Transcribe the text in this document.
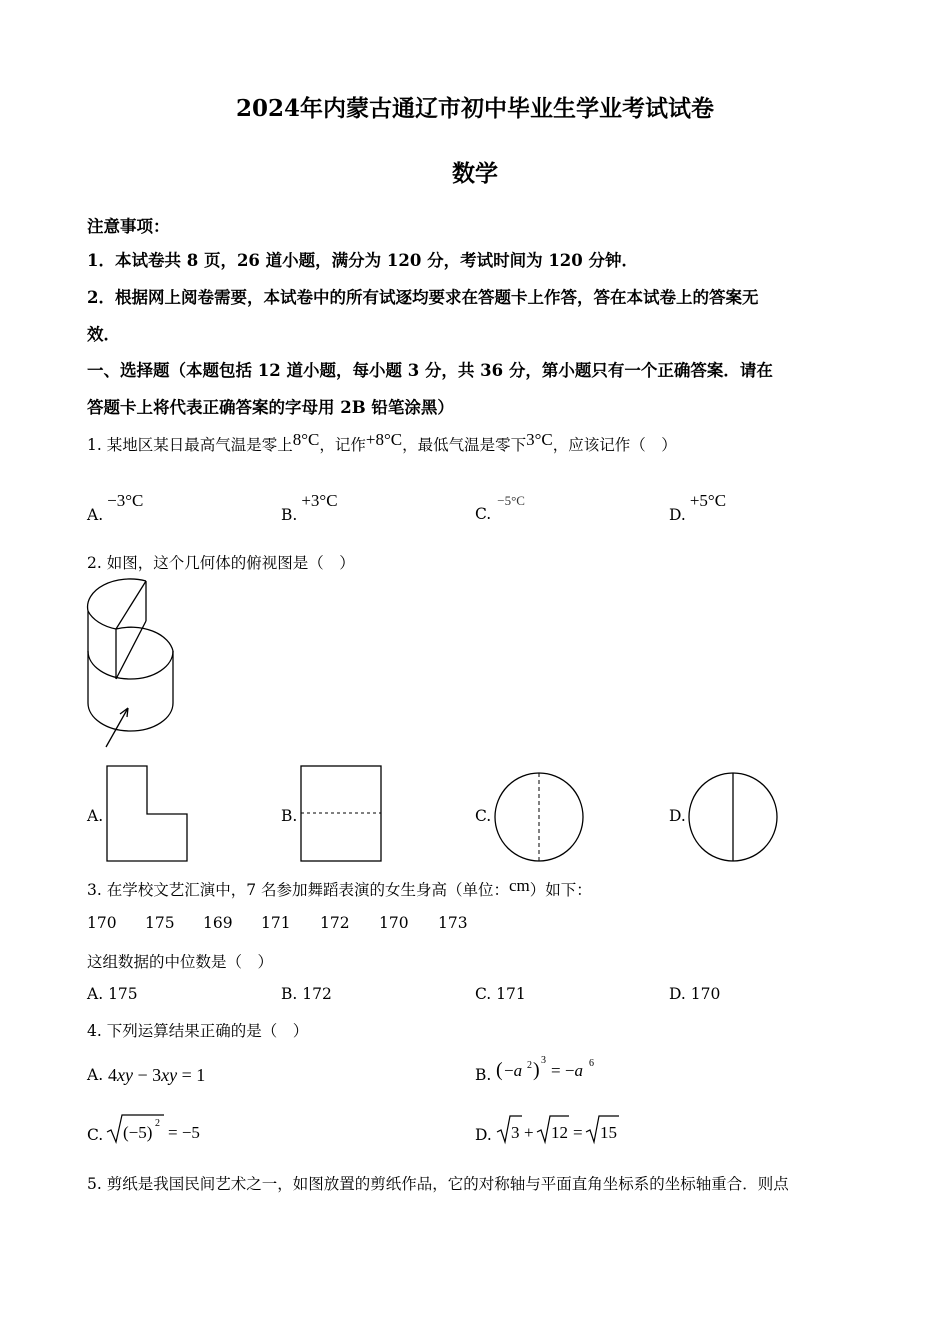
2024年内蒙古通辽市初中毕业生学业考试试卷
数学
注意事项：
1．本试卷共 8 页，26 道小题，满分为 120 分，考试时间为 120 分钟．
2．根据网上阅卷需要，本试卷中的所有试逐均要求在答题卡上作答，答在本试卷上的答案无
效．
一、选择题（本题包括 12 道小题，每小题 3 分，共 36 分，第小题只有一个正确答案．请在
答题卡上将代表正确答案的字母用 2B 铅笔涂黑）
1. 某地区某日最高气温是零上8°C，记作+8°C，最低气温是零下3°C，应该记作（　）
A.−3°C
B.+3°C
C.$^{-5^\circ C}$
D.+5°C
2. 如图，这个几何体的俯视图是（　）
A.	B.	C.	D.
3. 在学校文艺汇演中，7 名参加舞蹈表演的女生身高（单位：cm）如下：
170 175 169 171 172 170 173
这组数据的中位数是（　）
A. 175	B. 172	C. 171	D. 170
4. 下列运算结果正确的是（　）
A. 4xy − 3xy = 1	B. ( −a 2 ) 3
= −a 6
C. (−5) 2 = −5	D. 3 + 12 = 15
5. 剪纸是我国民间艺术之一，如图放置的剪纸作品，它的对称轴与平面直角坐标系的坐标轴重合．则点
